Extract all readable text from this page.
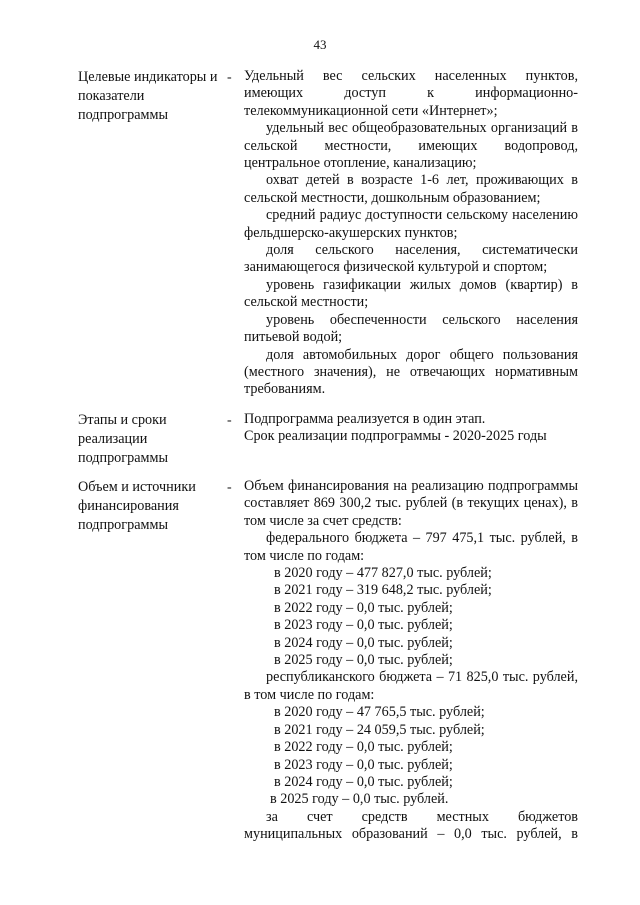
43
Целевые индикаторы и показатели подпрограммы
- Удельный вес сельских населенных пунктов, имеющих доступ к информационно-телекоммуникационной сети «Интернет»;

удельный вес общеобразовательных организаций в сельской местности, имеющих водопровод, центральное отопление, канализацию;

охват детей в возрасте 1-6 лет, проживающих в сельской местности, дошкольным образованием;

средний радиус доступности сельскому населению фельдшерско-акушерских пунктов;

доля сельского населения, систематически занимающегося физической культурой и спортом;

уровень газификации жилых домов (квартир) в сельской местности;

уровень обеспеченности сельского населения питьевой водой;

доля автомобильных дорог общего пользования (местного значения), не отвечающих нормативным требованиям.

Этапы и сроки реализации подпрограммы
- Подпрограмма реализуется в один этап.

Срок реализации подпрограммы - 2020-2025 годы

Объем и источники финансирования подпрограммы
- Объем финансирования на реализацию подпрограммы составляет 869 300,2 тыс. рублей (в текущих ценах), в том числе за счет средств:

федерального бюджета – 797 475,1 тыс. рублей, в том числе по годам:

в 2020 году – 477 827,0 тыс. рублей;

в 2021 году – 319 648,2 тыс. рублей;

в 2022 году – 0,0 тыс. рублей;

в 2023 году – 0,0 тыс. рублей;

в 2024 году – 0,0 тыс. рублей;

в 2025 году – 0,0 тыс. рублей;

республиканского бюджета – 71 825,0 тыс. рублей, в том числе по годам:

в 2020 году – 47 765,5 тыс. рублей;

в 2021 году – 24 059,5 тыс. рублей;

в 2022 году – 0,0 тыс. рублей;

в 2023 году – 0,0 тыс. рублей;

в 2024 году – 0,0 тыс. рублей;

в 2025 году – 0,0 тыс. рублей.

за счет средств местных бюджетов

муниципальных образований – 0,0 тыс. рублей, в
